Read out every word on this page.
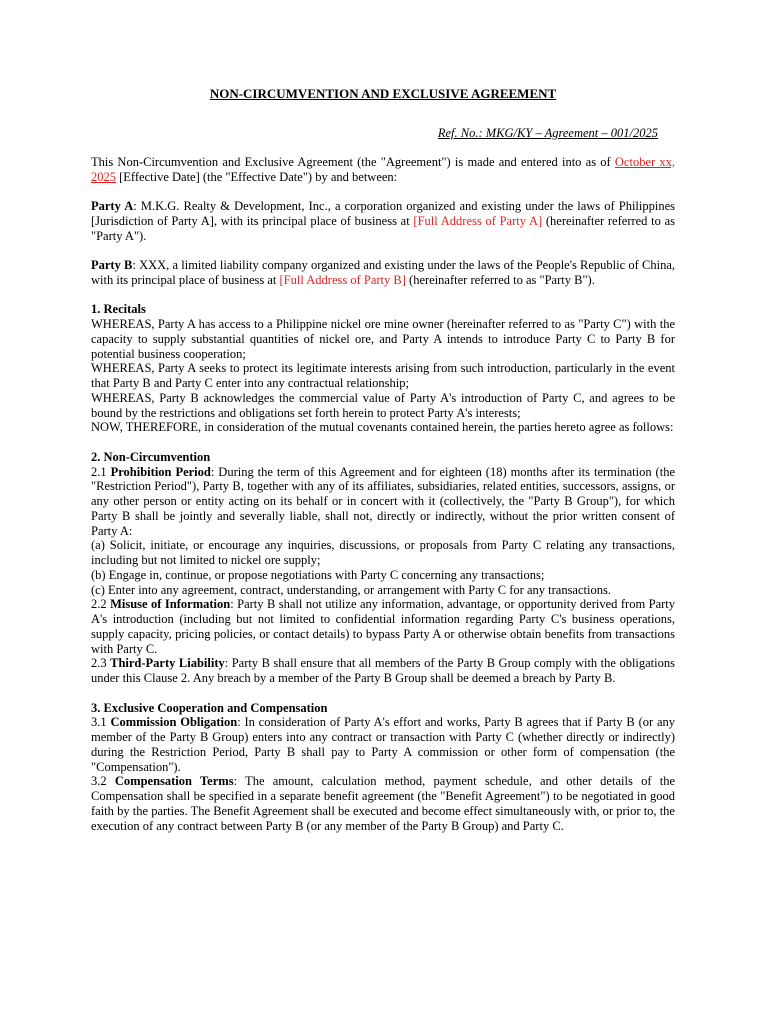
NON-CIRCUMVENTION AND EXCLUSIVE AGREEMENT
Ref. No.: MKG/KY – Agreement – 001/2025

This Non-Circumvention and Exclusive Agreement (the "Agreement") is made and entered into as of October xx, 2025 [Effective Date] (the "Effective Date") by and between:

Party A: M.K.G. Realty & Development, Inc., a corporation organized and existing under the laws of Philippines [Jurisdiction of Party A], with its principal place of business at [Full Address of Party A] (hereinafter referred to as "Party A").

Party B: XXX, a limited liability company organized and existing under the laws of the People's Republic of China, with its principal place of business at [Full Address of Party B] (hereinafter referred to as "Party B").

1. Recitals

WHEREAS, Party A has access to a Philippine nickel ore mine owner (hereinafter referred to as "Party C") with the capacity to supply substantial quantities of nickel ore, and Party A intends to introduce Party C to Party B for potential business cooperation;

WHEREAS, Party A seeks to protect its legitimate interests arising from such introduction, particularly in the event that Party B and Party C enter into any contractual relationship;

WHEREAS, Party B acknowledges the commercial value of Party A's introduction of Party C, and agrees to be bound by the restrictions and obligations set forth herein to protect Party A's interests;

NOW, THEREFORE, in consideration of the mutual covenants contained herein, the parties hereto agree as follows:

2. Non-Circumvention

2.1 Prohibition Period: During the term of this Agreement and for eighteen (18) months after its termination (the "Restriction Period"), Party B, together with any of its affiliates, subsidiaries, related entities, successors, assigns, or any other person or entity acting on its behalf or in concert with it (collectively, the "Party B Group"), for which Party B shall be jointly and severally liable, shall not, directly or indirectly, without the prior written consent of Party A:

(a) Solicit, initiate, or encourage any inquiries, discussions, or proposals from Party C relating any transactions, including but not limited to nickel ore supply;

(b) Engage in, continue, or propose negotiations with Party C concerning any transactions;

(c) Enter into any agreement, contract, understanding, or arrangement with Party C for any transactions.

2.2 Misuse of Information: Party B shall not utilize any information, advantage, or opportunity derived from Party A's introduction (including but not limited to confidential information regarding Party C's business operations, supply capacity, pricing policies, or contact details) to bypass Party A or otherwise obtain benefits from transactions with Party C.

2.3 Third-Party Liability: Party B shall ensure that all members of the Party B Group comply with the obligations under this Clause 2. Any breach by a member of the Party B Group shall be deemed a breach by Party B.

3. Exclusive Cooperation and Compensation

3.1 Commission Obligation: In consideration of Party A's effort and works, Party B agrees that if Party B (or any member of the Party B Group) enters into any contract or transaction with Party C (whether directly or indirectly) during the Restriction Period, Party B shall pay to Party A commission or other form of compensation (the "Compensation").

3.2 Compensation Terms: The amount, calculation method, payment schedule, and other details of the Compensation shall be specified in a separate benefit agreement (the "Benefit Agreement") to be negotiated in good faith by the parties. The Benefit Agreement shall be executed and become effect simultaneously with, or prior to, the execution of any contract between Party B (or any member of the Party B Group) and Party C.
